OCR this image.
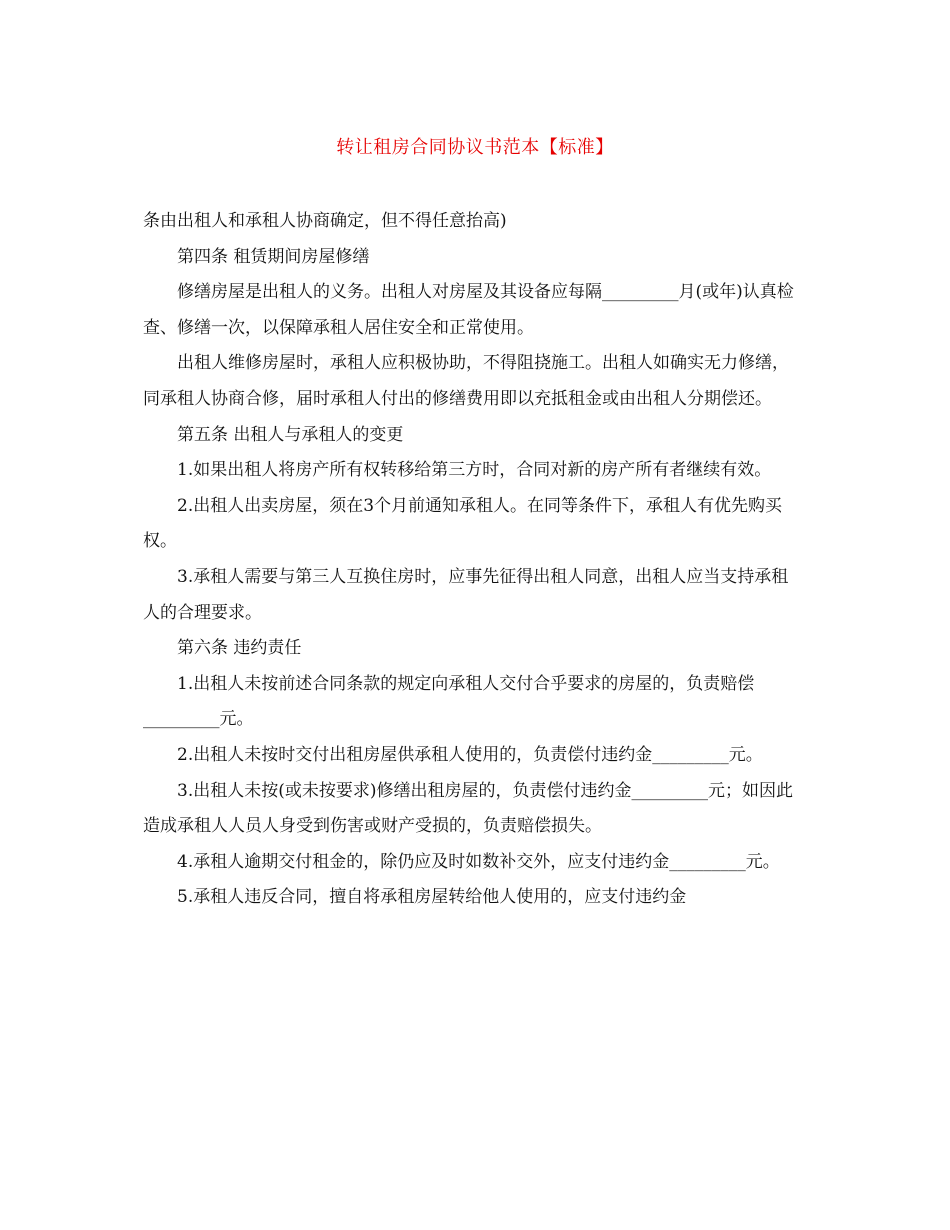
转让租房合同协议书范本【标准】

条由出租人和承租人协商确定，但不得任意抬高)

第四条 租赁期间房屋修缮

修缮房屋是出租人的义务。出租人对房屋及其设备应每隔_________月(或年)认真检查、修缮一次，以保障承租人居住安全和正常使用。

出租人维修房屋时，承租人应积极协助，不得阻挠施工。出租人如确实无力修缮，同承租人协商合修，届时承租人付出的修缮费用即以充抵租金或由出租人分期偿还。

第五条 出租人与承租人的变更

1.如果出租人将房产所有权转移给第三方时，合同对新的房产所有者继续有效。

2.出租人出卖房屋，须在3个月前通知承租人。在同等条件下，承租人有优先购买权。

3.承租人需要与第三人互换住房时，应事先征得出租人同意，出租人应当支持承租人的合理要求。

第六条 违约责任

1.出租人未按前述合同条款的规定向承租人交付合乎要求的房屋的，负责赔偿_________元。

2.出租人未按时交付出租房屋供承租人使用的，负责偿付违约金_________元。

3.出租人未按(或未按要求)修缮出租房屋的，负责偿付违约金_________元；如因此造成承租人人员人身受到伤害或财产受损的，负责赔偿损失。

4.承租人逾期交付租金的，除仍应及时如数补交外，应支付违约金_________元。

5.承租人违反合同，擅自将承租房屋转给他人使用的，应支付违约金
